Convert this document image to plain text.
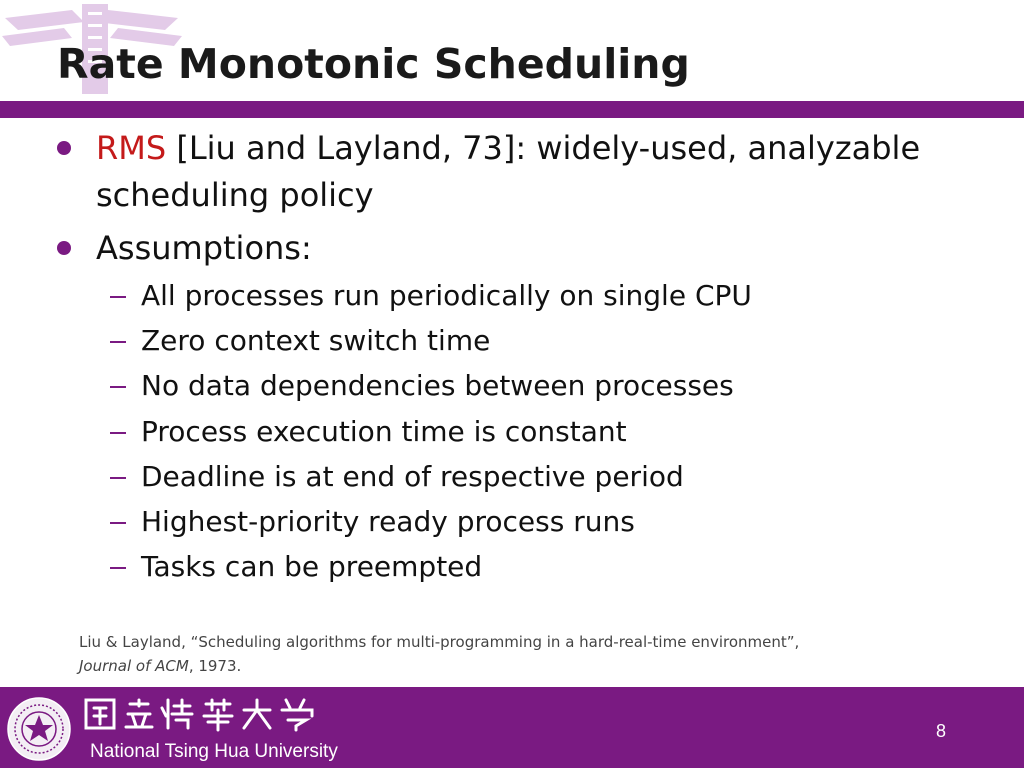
Rate Monotonic Scheduling
RMS [Liu and Layland, 73]: widely-used, analyzable
scheduling policy
Assumptions:
All processes run periodically on single CPU
Zero context switch time
No data dependencies between processes
Process execution time is constant
Deadline is at end of respective period
Highest-priority ready process runs
Tasks can be preempted
Liu & Layland, “Scheduling algorithms for multi-programming in a hard-real-time environment”,
Journal of ACM, 1973.
National Tsing Hua University
8
